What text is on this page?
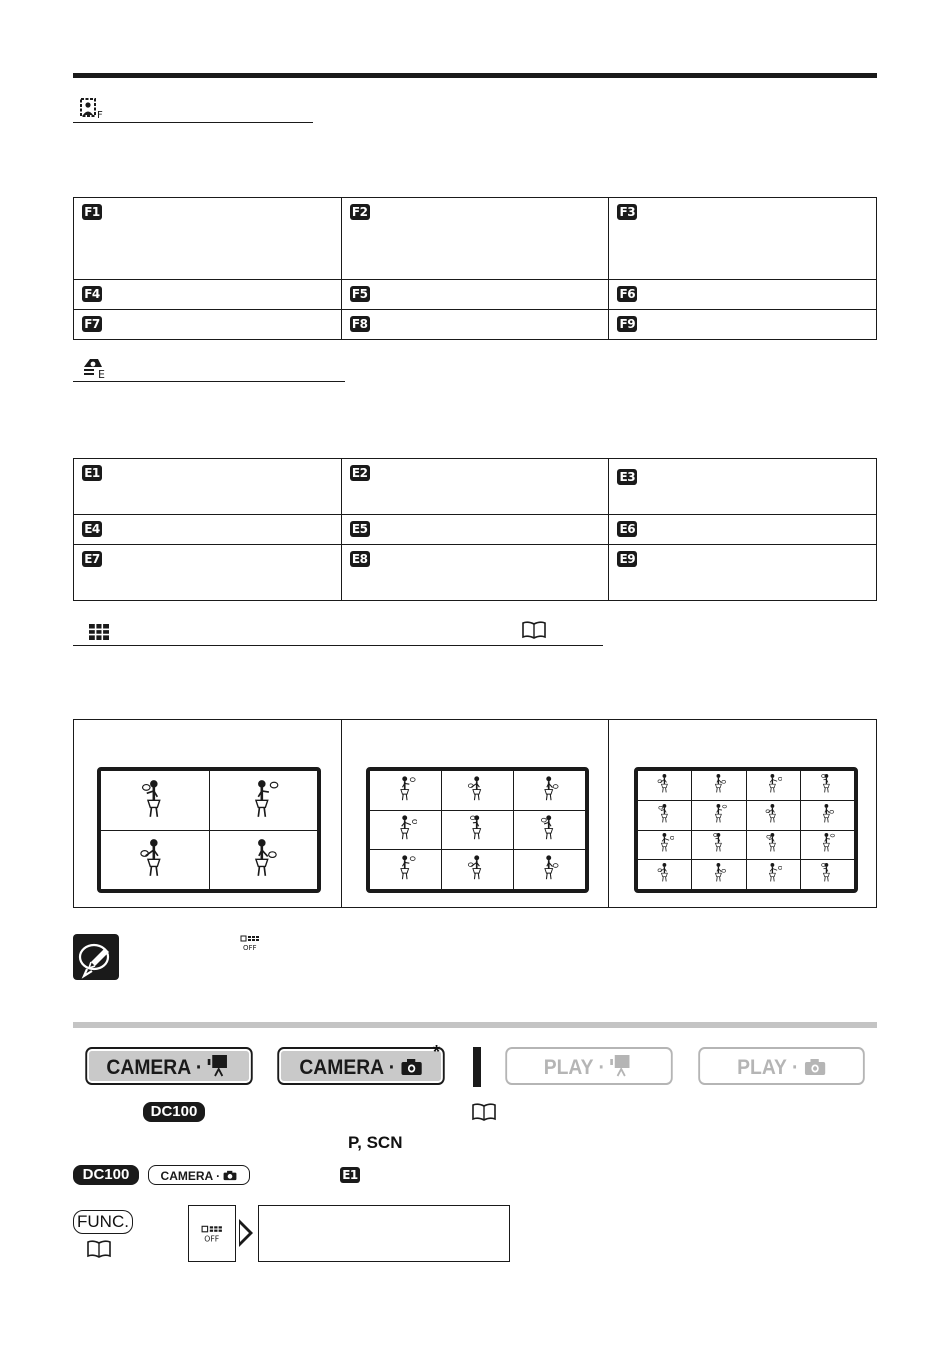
F
F1	F2	F3
F4	F5	F6
F7	F8	F9
E
E1	E2	E3
E4	E5	E6
E7	E8	E9

OFF
CAMERA ·	CAMERA ·
*
PLAY ·	PLAY ·
DC100
P, SCN
DC100	CAMERA ·	E1
FUNC.
OFF
